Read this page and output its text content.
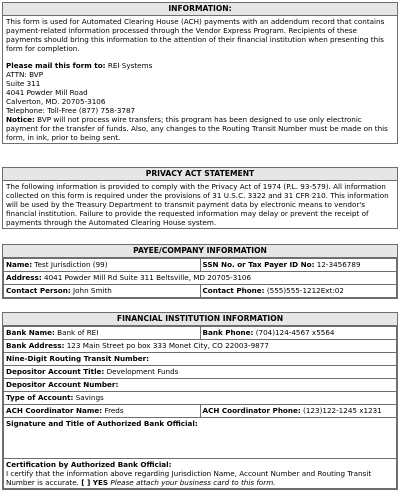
INFORMATION:

This form is used for Automated Clearing House (ACH) payments with an addendum record that contains payment-related information processed through the Vendor Express Program. Recipients of these payments should bring this information to the attention of their financial institution when presenting this form for completion.

Please mail this form to: REI Systems

ATTN: BVP

Suite 311

4041 Powder Mill Road

Calverton, MD. 20705-3106

Telephone: Toll-Free (877) 758-3787

Notice: BVP will not process wire transfers; this program has been designed to use only electronic payment for the transfer of funds. Also, any changes to the Routing Transit Number must be made on this form, in ink, prior to being sent.

PRIVACY ACT STATEMENT

The following information is provided to comply with the Privacy Act of 1974 (P.L. 93-579). All information collected on this form is required under the provisions of 31 U.S.C. 3322 and 31 CFR 210. This information will be used by the Treasury Department to transmit payment data by electronic means to vendor's financial institution. Failure to provide the requested information may delay or prevent the receipt of payments through the Automated Clearing House system.

PAYEE/COMPANY INFORMATION
Name: Test Jurisdiction (99)	SSN No. or Tax Payer ID No: 12-3456789
Address: 4041 Powder Mill Rd Suite 311 Beltsville, MD 20705-3106	
Contact Person: John Smith	Contact Phone: (555)555-1212Ext:02
FINANCIAL INSTITUTION INFORMATION
Bank Name: Bank of REI	Bank Phone: (704)124-4567 x5564
Bank Address: 123 Main Street po box 333 Monet City, CO 22003-9877	
Nine-Digit Routing Transit Number:	
Depositor Account Title: Development Funds	
Depositor Account Number:	
Type of Account: Savings	
ACH Coordinator Name: Freds	ACH Coordinator Phone: (123)122-1245 x1231
Signature and Title of Authorized Bank Official:	

Certification by Authorized Bank Official:
I certify that the information above regarding Jurisdiction Name, Account Number and Routing Transit Number is accurate. [ ] YES Please attach your business card to this form.	
